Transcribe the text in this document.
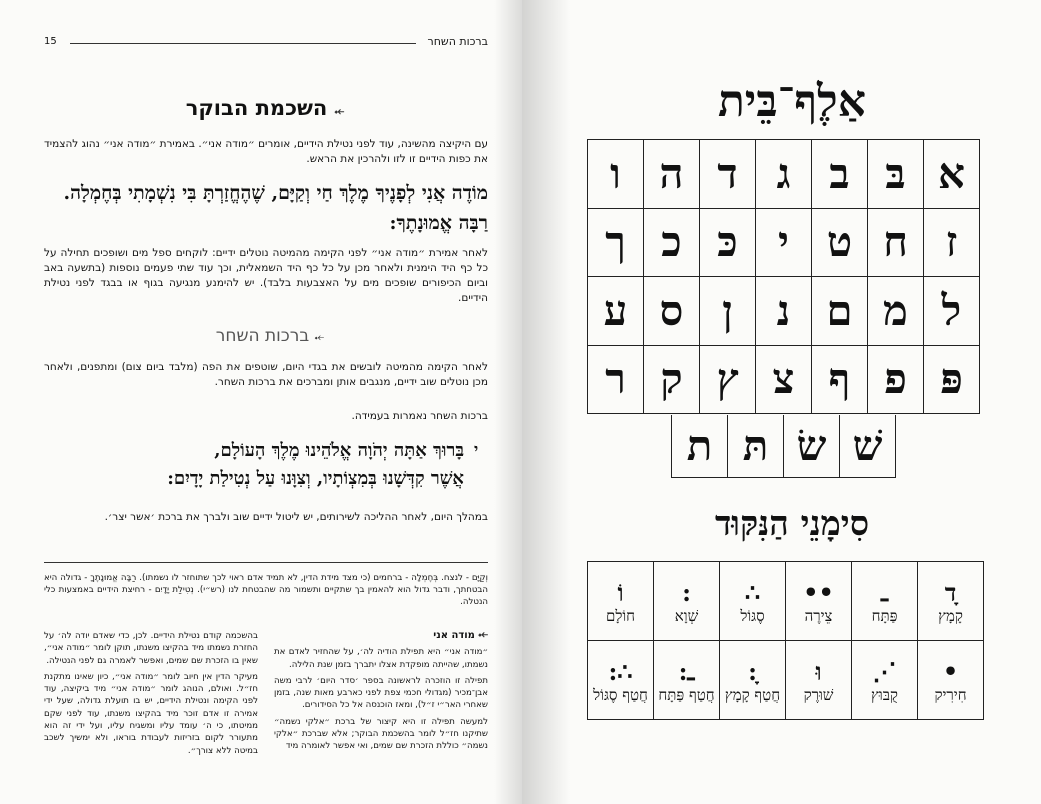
15	ברכות השחר
⤝ השכמת הבוקר
עם היקיצה מהשינה, עוד לפני נטילת הידיים, אומרים ״מודה אני״. באמירת ״מודה אני״ נהוג להצמיד את כפות הידיים זו לזו ולהרכין את הראש.
מוֹדֶה אֲנִי לְפָנֶיךָ מֶלֶךְ חַי וְקַיָּם, שֶׁהֶחֱזַרְתָּ בִּי נִשְׁמָתִי בְּחֶמְלָה. רַבָּה אֱמוּנָתֶךָ:
לאחר אמירת ״מודה אני״ לפני הקימה מהמיטה נוטלים ידיים: לוקחים ספל מים ושופכים תחילה על כל כף היד הימנית ולאחר מכן על כל כף היד השמאלית, וכך עוד שתי פעמים נוספות (בתשעה באב וביום הכיפורים שופכים מים על האצבעות בלבד). יש להימנע מנגיעה בגוף או בבגד לפני נטילת הידיים.
⤝ ברכות השחר
לאחר הקימה מהמיטה לובשים את בגדי היום, שוטפים את הפה (מלבד ביום צום) ומתפנים, ולאחר מכן נוטלים שוב ידיים, מנגבים אותן ומברכים את ברכות השחר.
ברכות השחר נאמרות בעמידה.
י
בָּרוּךְ אַתָּה יְהֹוָה אֱלֹהֵינוּ מֶלֶךְ הָעוֹלָם,
אֲשֶׁר קִדְּשָׁנוּ בְּמִצְוֹתָיו, וְצִוָּנוּ עַל נְטִילַת יָדָיִם:
במהלך היום, לאחר ההליכה לשירותים, יש ליטול ידיים שוב ולברך את ברכת ׳אשר יצר׳.
וְקַיָּם - לנצח. בְּחֶמְלָה - ברחמים (כי מצד מידת הדין, לא תמיד אדם ראוי לכך שתוחזר לו נשמתו). רַבָּה אֱמוּנָתֶךָ - גדולה היא הבטחתך, ודבר גדול הוא להאמין בך שתקיים ותשמור מה שהבטחת לנו (רש״י). נְטִילַת יָדָיִם - רחיצת הידיים באמצעות כלי הנטלה.
⤝ מודה אני

״מודה אני״ היא תפילת הודיה לה׳, על שהחזיר לאדם את נשמתו, שהייתה מופקדת אצלו יתברך בזמן שנת הלילה.

תפילה זו הוזכרה לראשונה בספר ׳סדר היום׳ לרבי משה אבן־מכיר (מגדולי חכמי צפת לפני כארבע מאות שנה, בזמן שאחרי האר״י ז״ל), ומאז הוכנסה אל כל הסידורים.

למעשה תפילה זו היא קיצור של ברכת ״אלקי נשמה״ שתיקנו חז״ל לומר בהשכמת הבוקר; אלא שברכת ״אלקי נשמה״ כוללת הזכרת שם שמים, ואי אפשר לאומרה מיד

בהשכמה קודם נטילת הידיים. לכן, כדי שאדם יודה לה׳ על החזרת נשמתו מיד בהקיצו משנתו, תוקן לומר ״מודה אני״, שאין בו הזכרת שם שמים, ואפשר לאמרה גם לפני הנטילה.

מעיקר הדין אין חיוב לומר ״מודה אני״, כיון שאינו מתקנת חז״ל. ואולם, הנוהג לומר ״מודה אני״ מיד ביקיצה, עוד לפני הקימה ונטילת הידיים, יש בו תועלת גדולה, שעל ידי אמירה זו אדם זוכר מיד בהקיצו משנתו, עוד לפני שקם ממיטתו, כי ה׳ עומד עליו ומשגיח עליו, ועל ידי זה הוא מתעורר לקום בזריזות לעבודת בוראו, ולא ימשיך לשכב במיטה ללא צורך״.

אַלֶף־בֵּית
א
בּ
ב
ג
ד
ה
ו
ז
ח
ט
י
כּ
כ
ך
ל
מ
ם
נ
ן
ס
ע
פּ
פ
ף
צ
ץ
ק
ר
שׁ
שׂ
תּ
ת
סִימָנֵי הַנִּקּוּד
ָד
קָמָץ
ـ
פַּתָּח
••
צֵירֶה
∴
סֶגּוֹל
:
שְׁוָא
וֹ
חוֹלָם
•
חִירִיק
⋱
קֻבּוּץ
וּ
שׁוּרֶק
ָ:
חֲטַף קָמָץ
ـ:
חֲטַף פַּתָּח
∴:
חֲטַף סֶגּוֹל
